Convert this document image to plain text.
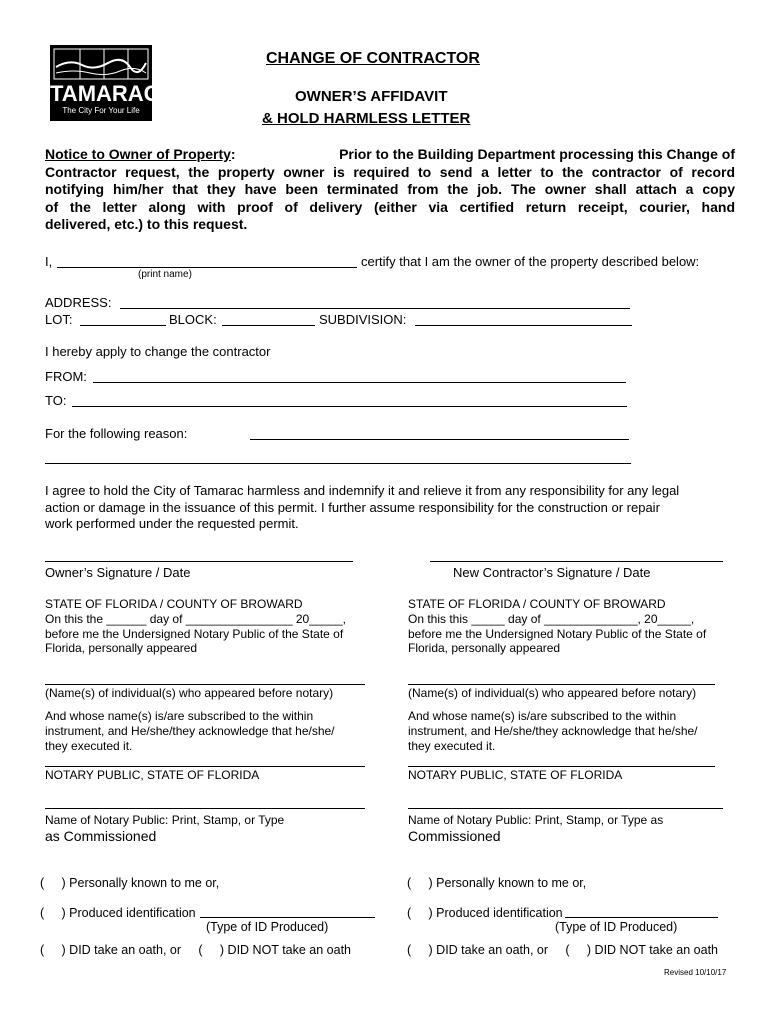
TAMARAC
The City For Your Life
CHANGE OF CONTRACTOR
OWNER’S AFFIDAVIT
& HOLD HARMLESS LETTER
Notice to Owner of Property:	Prior to the Building Department processing this Change of
Contractor request, the property owner is required to send a letter to the contractor of record
notifying him/her that they have been terminated from the job. The owner shall attach a copy
of the letter along with proof of delivery (either via certified return receipt, courier, hand
delivered, etc.) to this request.
I,	certify that I am the owner of the property described below:
(print name)
ADDRESS:
LOT:	BLOCK:	SUBDIVISION:
I hereby apply to change the contractor
FROM:
TO:
For the following reason:
I agree to hold the City of Tamarac harmless and indemnify it and relieve it from any responsibility for any legal
action or damage in the issuance of this permit. I further assume responsibility for the construction or repair
work performed under the requested permit.
Owner’s Signature / Date	New Contractor’s Signature / Date
STATE OF FLORIDA / COUNTY OF BROWARD
On this the ______ day of ________________ 20_____,
before me the Undersigned Notary Public of the State of
Florida, personally appeared
(Name(s) of individual(s) who appeared before notary)
And whose name(s) is/are subscribed to the within
instrument, and He/she/they acknowledge that he/she/
they executed it.
NOTARY PUBLIC, STATE OF FLORIDA
Name of Notary Public: Print, Stamp, or Type
as Commissioned
(     ) Personally known to me or,
(     ) Produced identification
(Type of ID Produced)
(     ) DID take an oath, or     (     ) DID NOT take an oath
STATE OF FLORIDA / COUNTY OF BROWARD
On this this _____ day of ______________, 20_____,
before me the Undersigned Notary Public of the State of
Florida, personally appeared
(Name(s) of individual(s) who appeared before notary)
And whose name(s) is/are subscribed to the within
instrument, and He/she/they acknowledge that he/she/
they executed it.
NOTARY PUBLIC, STATE OF FLORIDA
Name of Notary Public: Print, Stamp, or Type as
Commissioned
(     ) Personally known to me or,
(     ) Produced identification
(Type of ID Produced)
(     ) DID take an oath, or     (     ) DID NOT take an oath
Revised 10/10/17
